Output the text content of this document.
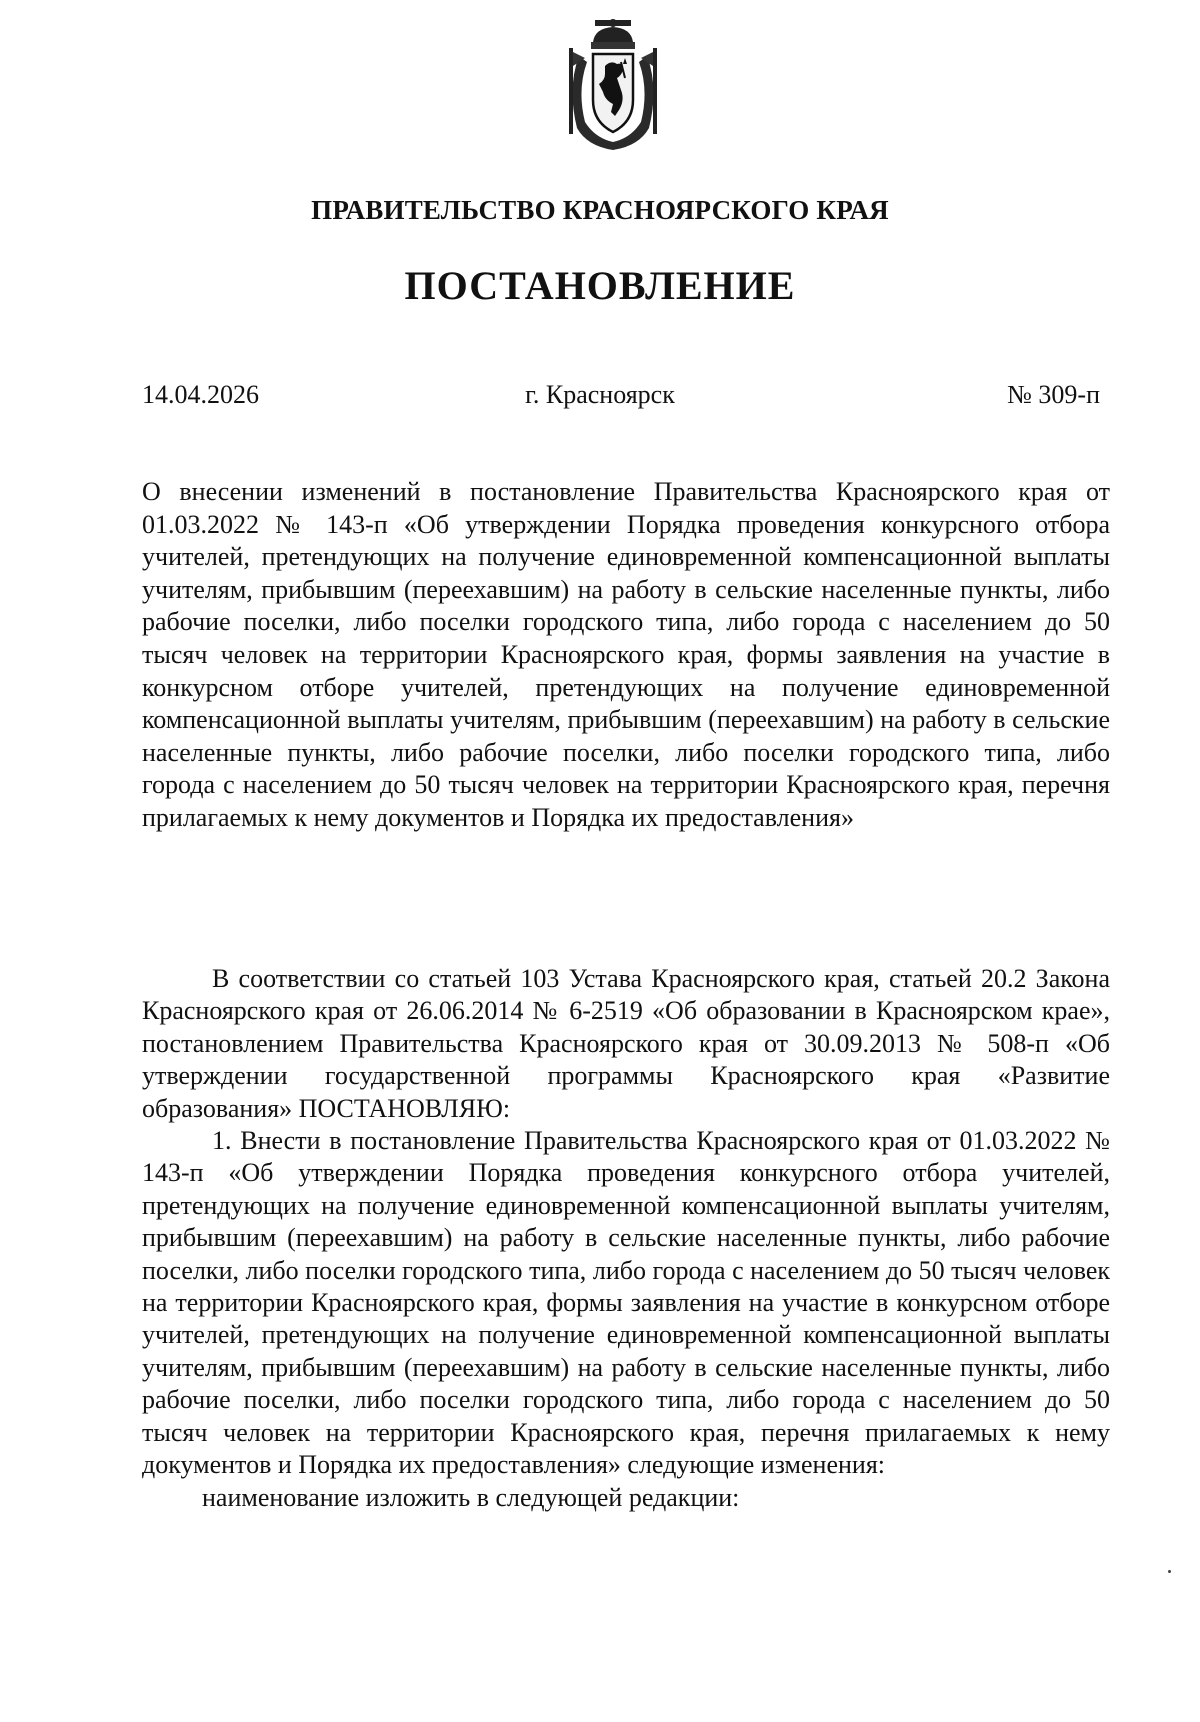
ПРАВИТЕЛЬСТВО КРАСНОЯРСКОГО КРАЯ
ПОСТАНОВЛЕНИЕ
14.04.2026	г. Красноярск	№ 309-п
О внесении изменений в постановление Правительства Красноярского края от 01.03.2022 № 143-п «Об утверждении Порядка проведения конкурсного отбора учителей, претендующих на получение единовременной компенсационной выплаты учителям, прибывшим (переехавшим) на работу в сельские населенные пункты, либо рабочие поселки, либо поселки городского типа, либо города с населением до 50 тысяч человек на территории Красноярского края, формы заявления на участие в конкурсном отборе учителей, претендующих на получение единовременной компенсационной выплаты учителям, прибывшим (переехавшим) на работу в сельские населенные пункты, либо рабочие поселки, либо поселки городского типа, либо города с населением до 50 тысяч человек на территории Красноярского края, перечня прилагаемых к нему документов и Порядка их предоставления»

В соответствии со статьей 103 Устава Красноярского края, статьей 20.2 Закона Красноярского края от 26.06.2014 № 6-2519 «Об образовании в Красноярском крае», постановлением Правительства Красноярского края от 30.09.2013 № 508-п «Об утверждении государственной программы Красноярского края «Развитие образования» ПОСТАНОВЛЯЮ:

1. Внести в постановление Правительства Красноярского края от 01.03.2022 № 143-п «Об утверждении Порядка проведения конкурсного отбора учителей, претендующих на получение единовременной компенсационной выплаты учителям, прибывшим (переехавшим) на работу в сельские населенные пункты, либо рабочие поселки, либо поселки городского типа, либо города с населением до 50 тысяч человек на территории Красноярского края, формы заявления на участие в конкурсном отборе учителей, претендующих на получение единовременной компенсационной выплаты учителям, прибывшим (переехавшим) на работу в сельские населенные пункты, либо рабочие поселки, либо поселки городского типа, либо города с населением до 50 тысяч человек на территории Красноярского края, перечня прилагаемых к нему документов и Порядка их предоставления» следующие изменения:

наименование изложить в следующей редакции:
